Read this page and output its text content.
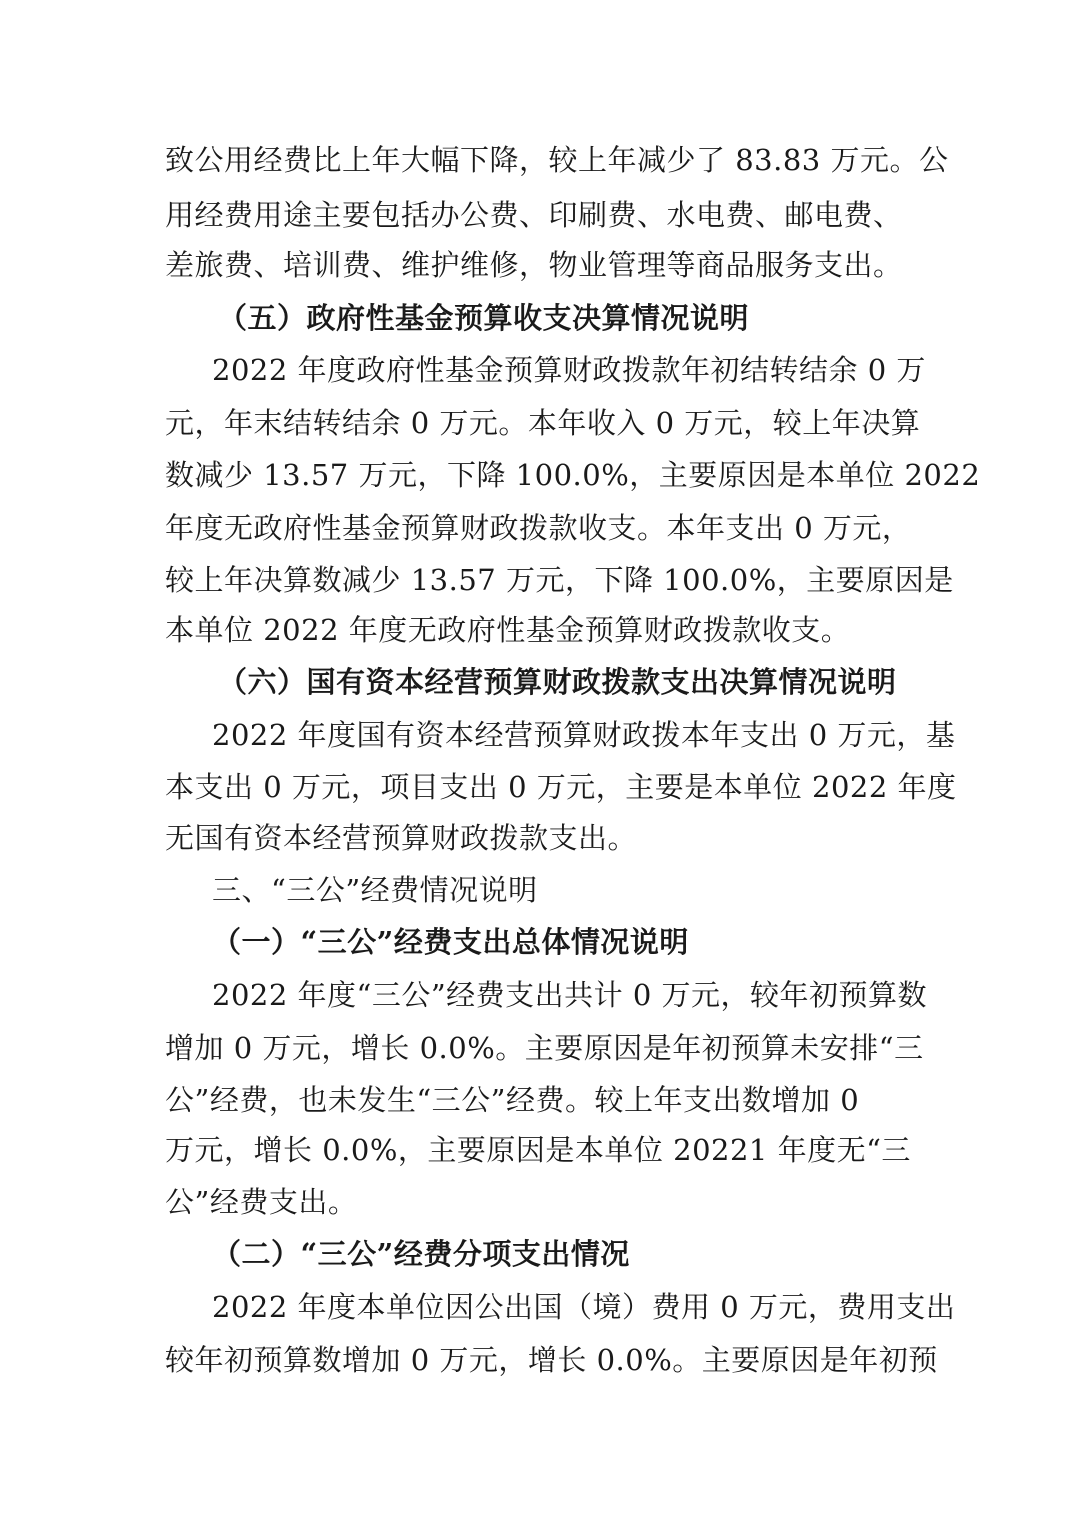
致公用经费比上年大幅下降，较上年减少了 83.83 万元。公
用经费用途主要包括办公费、印刷费、水电费、邮电费、
差旅费、培训费、维护维修，物业管理等商品服务支出。
（五）政府性基金预算收支决算情况说明
2022 年度政府性基金预算财政拨款年初结转结余 0 万
元，年末结转结余 0 万元。本年收入 0 万元，较上年决算
数减少 13.57 万元，下降 100.0%，主要原因是本单位 2022
年度无政府性基金预算财政拨款收支。本年支出 0 万元，
较上年决算数减少 13.57 万元，下降 100.0%，主要原因是
本单位 2022 年度无政府性基金预算财政拨款收支。
（六）国有资本经营预算财政拨款支出决算情况说明
2022 年度国有资本经营预算财政拨本年支出 0 万元，基
本支出 0 万元，项目支出 0 万元，主要是本单位 2022 年度
无国有资本经营预算财政拨款支出。
三、“三公”经费情况说明
（一）“三公”经费支出总体情况说明
2022 年度“三公”经费支出共计 0 万元，较年初预算数
增加 0 万元，增长 0.0%。主要原因是年初预算未安排“三
公”经费，也未发生“三公”经费。较上年支出数增加 0
万元，增长 0.0%，主要原因是本单位 20221 年度无“三
公”经费支出。
（二）“三公”经费分项支出情况
2022 年度本单位因公出国（境）费用 0 万元，费用支出
较年初预算数增加 0 万元，增长 0.0%。主要原因是年初预
